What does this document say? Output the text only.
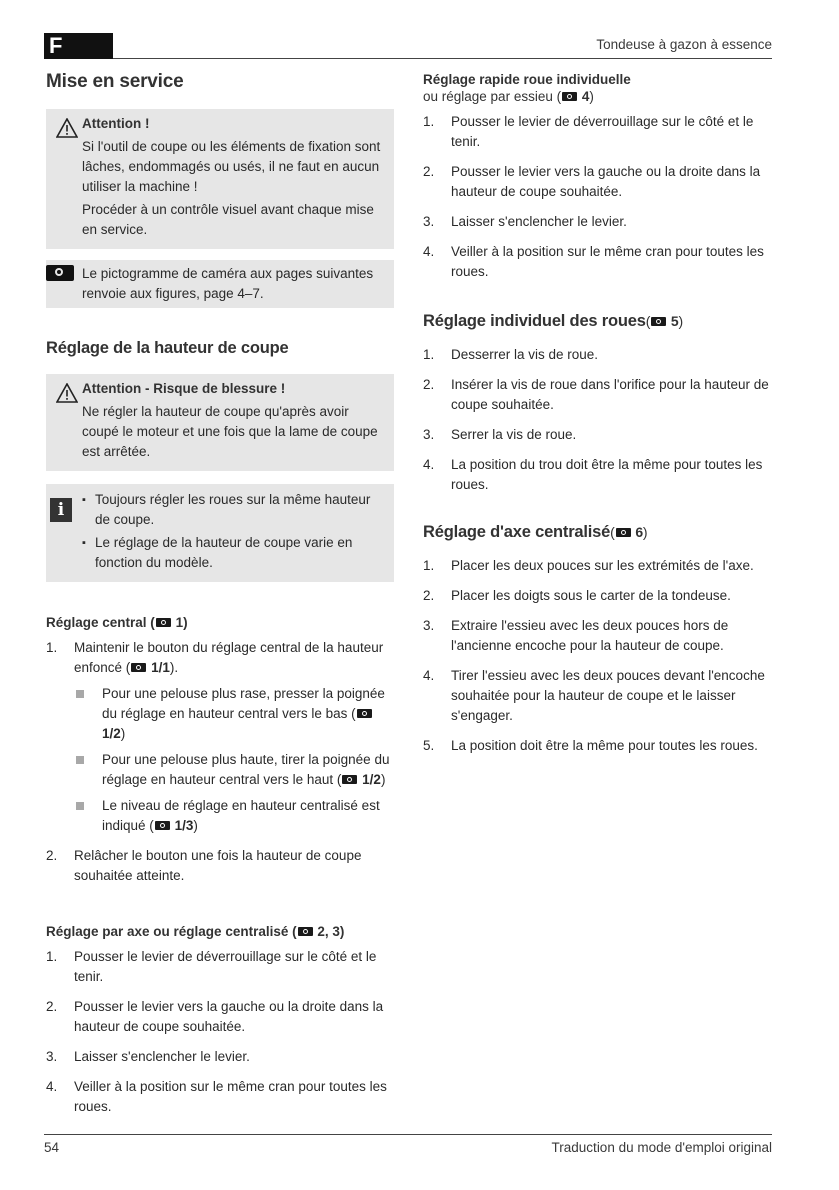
F	Tondeuse à gazon à essence
Mise en service
Attention !

Si l'outil de coupe ou les éléments de fixation sont lâches, endommagés ou usés, il ne faut en aucun utiliser la machine !

Procéder à un contrôle visuel avant chaque mise en service.

Le pictogramme de caméra aux pages suivantes renvoie aux figures, page 4–7.
Réglage de la hauteur de coupe
Attention - Risque de blessure !

Ne régler la hauteur de coupe qu'après avoir coupé le moteur et une fois que la lame de coupe est arrêtée.

i
▪ Toujours régler les roues sur la même hauteur de coupe.
▪ Le réglage de la hauteur de coupe varie en fonction du modèle.
Réglage central ( 1)
1. Maintenir le bouton du réglage central de la hauteur enfoncé ( 1/1).
Pour une pelouse plus rase, presser la poignée du réglage en hauteur central vers le bas ( 1/2)
Pour une pelouse plus haute, tirer la poignée du réglage en hauteur central vers le haut ( 1/2)
Le niveau de réglage en hauteur centralisé est indiqué ( 1/3)
2. Relâcher le bouton une fois la hauteur de coupe souhaitée atteinte.
Réglage par axe ou réglage centralisé ( 2, 3)
1. Pousser le levier de déverrouillage sur le côté et le tenir.
2. Pousser le levier vers la gauche ou la droite dans la hauteur de coupe souhaitée.
3. Laisser s'enclencher le levier.
4. Veiller à la position sur le même cran pour toutes les roues.
Réglage rapide roue individuelle

ou réglage par essieu ( 4)

1. Pousser le levier de déverrouillage sur le côté et le tenir.
2. Pousser le levier vers la gauche ou la droite dans la hauteur de coupe souhaitée.
3. Laisser s'enclencher le levier.
4. Veiller à la position sur le même cran pour toutes les roues.
Réglage individuel des roues( 5)
1. Desserrer la vis de roue.
2. Insérer la vis de roue dans l'orifice pour la hauteur de coupe souhaitée.
3. Serrer la vis de roue.
4. La position du trou doit être la même pour toutes les roues.
Réglage d'axe centralisé( 6)
1. Placer les deux pouces sur les extrémités de l'axe.
2. Placer les doigts sous le carter de la tondeuse.
3. Extraire l'essieu avec les deux pouces hors de l'ancienne encoche pour la hauteur de coupe.
4. Tirer l'essieu avec les deux pouces devant l'encoche souhaitée pour la hauteur de coupe et le laisser s'engager.
5. La position doit être la même pour toutes les roues.
54	Traduction du mode d'emploi original
